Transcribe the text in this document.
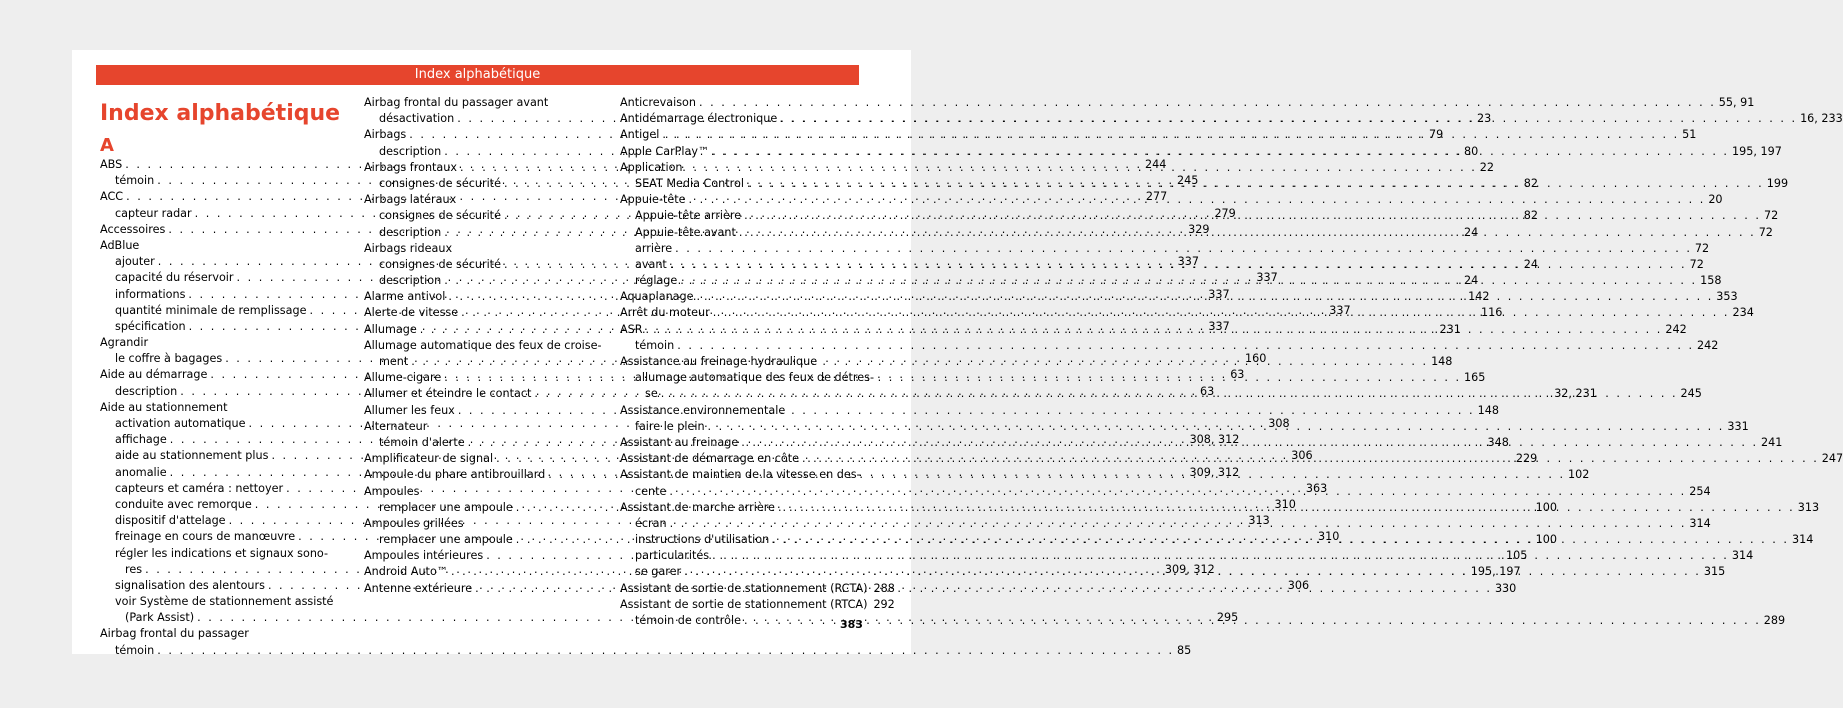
Index alphabétique
Index alphabétique
A
ABS . . .	244
témoin . . .	245
ACC . . .	277
capteur radar . . .	279
Accessoires . . .	329
AdBlue
ajouter . . .	337
capacité du réservoir . . .	337
informations . . .	337
quantité minimale de remplissage . . .	337
spécification . . .	337
Agrandir
le coffre à bagages . . .	160
Aide au démarrage . . .	63
description . . .	63
Aide au stationnement
activation automatique . . .	308
affichage . . .	308, 312
aide au stationnement plus . . .	306
anomalie . . .	309, 312
capteurs et caméra : nettoyer . . .	363
conduite avec remorque . . .	310
dispositif d'attelage . . .	313
freinage en cours de manœuvre . . .	310
régler les indications et signaux sono-
res . . .	309, 312
signalisation des alentours . . .	306
voir Système de stationnement assisté
(Park Assist) . . .	295
Airbag frontal du passager
témoin . . .	85
Airbag frontal du passager avant
désactivation . . .	23
Airbags . . .	79
description . . .	80
Airbags frontaux . . .	22
consignes de sécurité . . .	82
Airbags latéraux
consignes de sécurité . . .	82
description . . .	24
Airbags rideaux
consignes de sécurité . . .	24
description . . .	24
Alarme antivol . . .	142
Alerte de vitesse . . .	116
Allumage . . .	231
Allumage automatique des feux de croise-
ment . . .	148
Allume-cigare . . .	165
Allumer et éteindre le contact . . .	32, 231
Allumer les feux . . .	148
Alternateur
témoin d'alerte . . .	348
Amplificateur de signal . . .	229
Ampoule du phare antibrouillard . . .	102
Ampoules
remplacer une ampoule . . .	100
Ampoules grillées
remplacer une ampoule . . .	100
Ampoules intérieures . . .	105
Android Auto™ . . .	195, 197
Antenne extérieure . . .	330
Anticrevaison . . .	55, 91
Antidémarrage électronique . . .	16, 233
Antigel . . .	51
Apple CarPlay™ . . .	195, 197
Application
SEAT Media Control . . .	199
Appuie-tête . . .	20
Appuie-tête arrière . . .	72
Appuie-tête avant . . .	72
arrière . . .	72
avant . . .	72
réglage . . .	158
Aquaplanage . . .	353
Arrêt du moteur . . .	234
ASR . . .	242
témoin . . .	242
Assistance au freinage hydraulique
allumage automatique des feux de détres-
se . . .	245
Assistance environnementale
faire le plein . . .	331
Assistant au freinage . . .	241
Assistant de démarrage en côte . . .	247
Assistant de maintien de la vitesse en des-
cente . . .	254
Assistant de marche arrière . . .	313
écran . . .	314
instructions d'utilisation . . .	314
particularités . . .	314
se garer . . .	315
Assistant de sortie de stationnement (RCTA) 288
Assistant de sortie de stationnement (RTCA) 292
témoin de contrôle . . .	289
383
